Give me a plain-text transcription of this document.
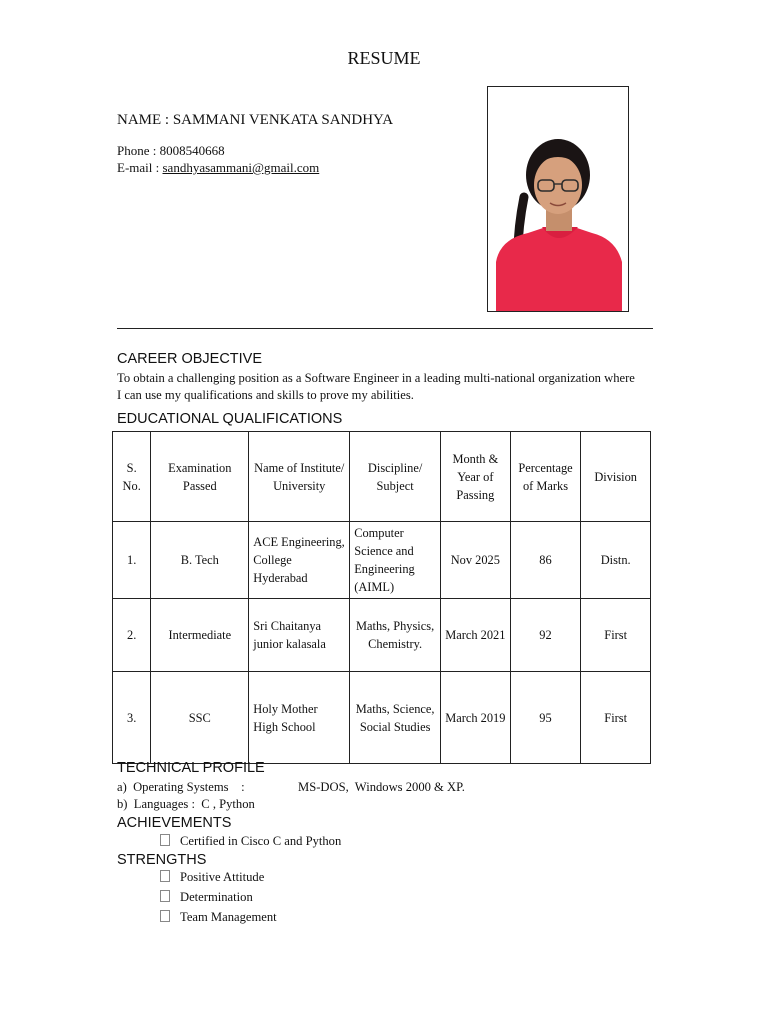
RESUME
NAME : SAMMANI VENKATA SANDHYA
Phone : 8008540668
E-mail : sandhyasammani@gmail.com
CAREER OBJECTIVE
To obtain a challenging position as a Software Engineer in a leading multi-national organization where
I can use my qualifications and skills to prove my abilities.
EDUCATIONAL QUALIFICATIONS
S. No.	Examination Passed	Name of Institute/ University	Discipline/ Subject	Month & Year of Passing	Percentage of Marks	Division
1.	B. Tech	ACE Engineering, College Hyderabad	Computer Science and Engineering (AIML)	Nov 2025	86	Distn.
2.	Intermediate	Sri Chaitanya junior kalasala	Maths, Physics, Chemistry.	March 2021	92	First
3.	SSC	Holy Mother High School	Maths, Science, Social Studies	March 2019	95	First
TECHNICAL PROFILE
a)  Operating Systems    :	MS-DOS,  Windows 2000 & XP.
b)  Languages :  C , Python
ACHIEVEMENTS
Certified in Cisco C and Python
STRENGTHS
Positive Attitude
Determination
Team Management
